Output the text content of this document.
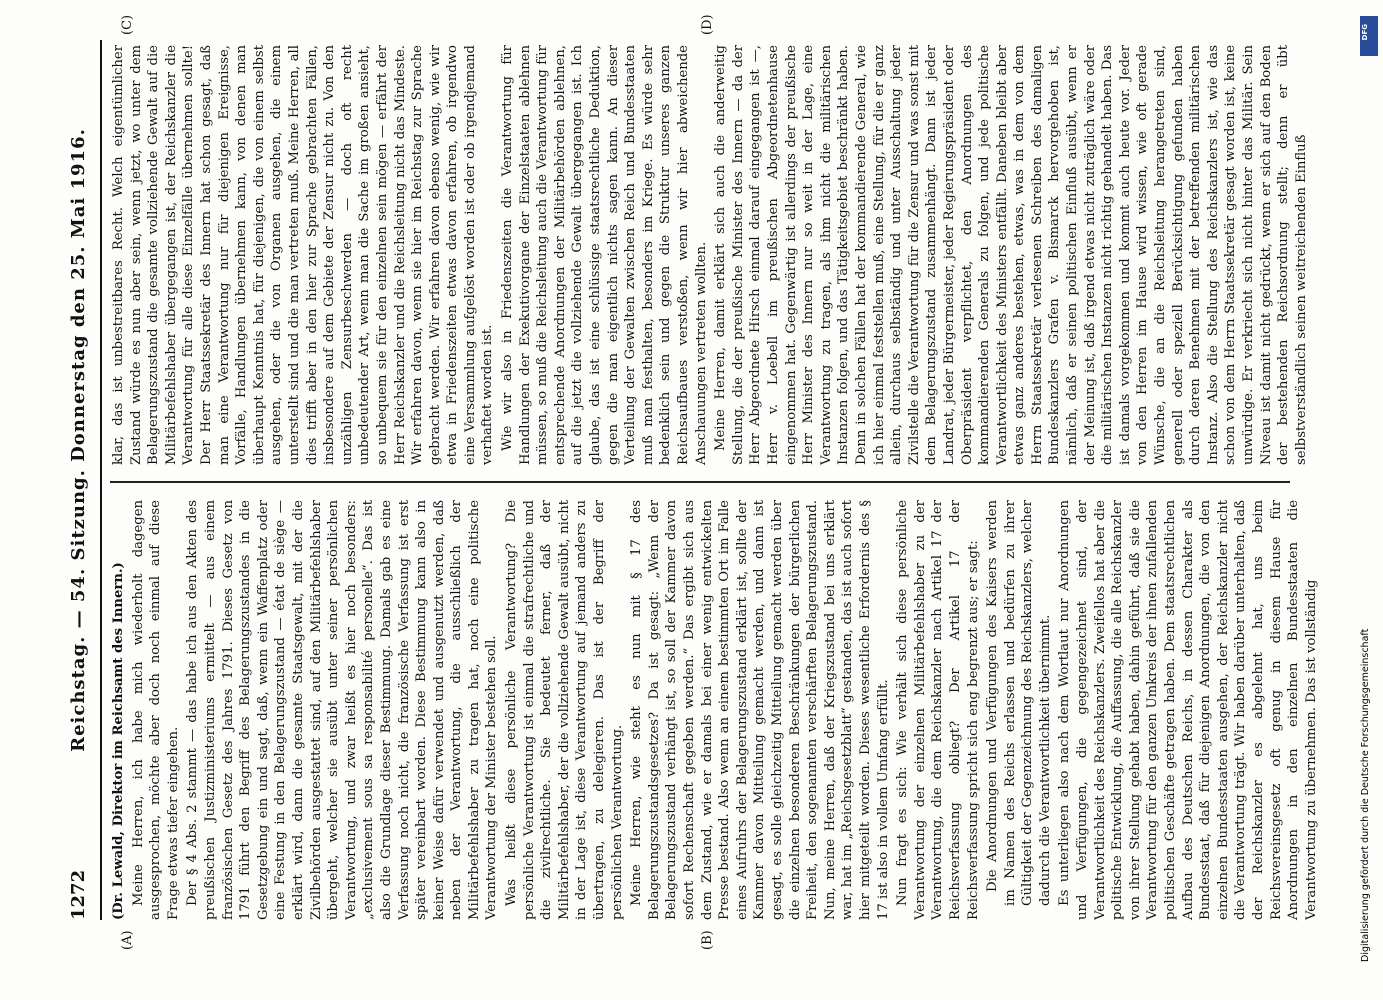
1272
Reichstag. — 54. Sitzung. Donnerstag den 25. Mai 1916.
(A)	(B)
(C)	(D)

(Dr. Lewald, Direktor im Reichsamt des Innern.) Meine Herren, ich habe mich wiederholt dagegen ausgesprochen, möchte aber doch noch einmal auf diese Frage etwas tiefer eingehen. Der § 4 Abs. 2 stammt — das habe ich aus den Akten des preußischen Justizministeriums ermittelt — aus einem französischen Gesetz des Jahres 1791. Dieses Gesetz von 1791 führt den Begriff des Belagerungszustandes in die Gesetzgebung ein und sagt, daß, wenn ein Waffenplatz oder eine Festung in den Belagerungszustand — état de siège — erklärt wird, dann die gesamte Staatsgewalt, mit der die Zivilbehörden ausgestattet sind, auf den Militärbefehlshaber übergeht, welcher sie ausübt unter seiner persönlichen Verantwortung, und zwar heißt es hier noch besonders: „exclusivement sous sa responsabilité personelle“. Das ist also die Grundlage dieser Bestimmung. Damals gab es eine Verfassung noch nicht, die französische Verfassung ist erst später vereinbart worden. Diese Bestimmung kann also in keiner Weise dafür verwendet und ausgenutzt werden, daß neben der Verantwortung, die ausschließlich der Militärbefehlshaber zu tragen hat, noch eine politische Verantwortung der Minister bestehen soll. Was heißt diese persönliche Verantwortung? Die persönliche Verantwortung ist einmal die strafrechtliche und die zivilrechtliche. Sie bedeutet ferner, daß der Militärbefehlshaber, der die vollziehende Gewalt ausübt, nicht in der Lage ist, diese Verantwortung auf jemand anders zu übertragen, zu delegieren. Das ist der Begriff der persönlichen Verantwortung. Meine Herren, wie steht es nun mit § 17 des Belagerungszustandsgesetzes? Da ist gesagt: „Wenn der Belagerungszustand verhängt ist, so soll der Kammer davon sofort Rechenschaft gegeben werden.“ Das ergibt sich aus dem Zustand, wie er damals bei einer wenig entwickelten Presse bestand. Also wenn an einem bestimmten Ort im Falle eines Aufruhrs der Belagerungszustand erklärt ist, sollte der Kammer davon Mitteilung gemacht werden, und dann ist gesagt, es solle gleichzeitig Mitteilung gemacht werden über die einzelnen besonderen Beschränkungen der bürgerlichen Freiheit, den sogenannten verschärften Belagerungszustand. Nun, meine Herren, daß der Kriegszustand bei uns erklärt war, hat im „Reichsgesetzblatt“ gestanden, das ist auch sofort hier mitgeteilt worden. Dieses wesentliche Erfordernis des § 17 ist also in vollem Umfang erfüllt. Nun fragt es sich: Wie verhält sich diese persönliche Verantwortung der einzelnen Militärbefehlshaber zu der Verantwortung, die dem Reichskanzler nach Artikel 17 der Reichsverfassung obliegt? Der Artikel 17 der Reichsverfassung spricht sich eng begrenzt aus; er sagt: Die Anordnungen und Verfügungen des Kaisers werden im Namen des Reichs erlassen und bedürfen zu ihrer Gültigkeit der Gegenzeichnung des Reichskanzlers, welcher dadurch die Verantwortlichkeit übernimmt. Es unterliegen also nach dem Wortlaut nur Anordnungen und Verfügungen, die gegengezeichnet sind, der Verantwortlichkeit des Reichskanzlers. Zweifellos hat aber die politische Entwicklung, die Auffassung, die alle Reichskanzler von ihrer Stellung gehabt haben, dahin geführt, daß sie die Verantwortung für den ganzen Umkreis der ihnen zufallenden politischen Geschäfte getragen haben. Dem staatsrechtlichen Aufbau des Deutschen Reichs, in dessen Charakter als Bundesstaat, daß für diejenigen Anordnungen, die von den einzelnen Bundesstaaten ausgehen, der Reichskanzler nicht die Verantwortung trägt. Wir haben darüber unterhalten, daß der Reichskanzler es abgelehnt hat, uns beim Reichsvereinsgesetz oft genug in diesem Hause für Anordnungen in den einzelnen Bundesstaaten die Verantwortung zu übernehmen. Das ist vollständig

klar, das ist unbestreitbares Recht. Welch eigentümlicher Zustand würde es nun aber sein, wenn jetzt, wo unter dem Belagerungszustand die gesamte vollziehende Gewalt auf die Militärbefehlshaber übergegangen ist, der Reichskanzler die Verantwortung für alle diese Einzelfälle übernehmen sollte! Der Herr Staatssekretär des Innern hat schon gesagt, daß man eine Verantwortung nur für diejenigen Ereignisse, Vorfälle, Handlungen übernehmen kann, von denen man überhaupt Kenntnis hat, für diejenigen, die von einem selbst ausgehen, oder die von Organen ausgehen, die einem unterstellt sind und die man vertreten muß. Meine Herren, all dies trifft aber in den hier zur Sprache gebrachten Fällen, insbesondere auf dem Gebiete der Zensur nicht zu. Von den unzähligen Zensurbeschwerden — doch oft recht unbedeutender Art, wenn man die Sache im großen ansieht, so unbequem sie für den einzelnen sein mögen — erfährt der Herr Reichskanzler und die Reichsleitung nicht das Mindeste. Wir erfahren davon, wenn sie hier im Reichstag zur Sprache gebracht werden. Wir erfahren davon ebenso wenig, wie wir etwa in Friedenszeiten etwas davon erfahren, ob irgendwo eine Versammlung aufgelöst worden ist oder ob irgendjemand verhaftet worden ist. Wie wir also in Friedenszeiten die Verantwortung für Handlungen der Exekutivorgane der Einzelstaaten ablehnen müssen, so muß die Reichsleitung auch die Verantwortung für entsprechende Anordnungen der Militärbehörden ablehnen, auf die jetzt die vollziehende Gewalt übergegangen ist. Ich glaube, das ist eine schlüssige staatsrechtliche Deduktion, gegen die man eigentlich nichts sagen kann. An dieser Verteilung der Gewalten zwischen Reich und Bundesstaaten muß man festhalten, besonders im Kriege. Es würde sehr bedenklich sein und gegen die Struktur unseres ganzen Reichsaufbaues verstoßen, wenn wir hier abweichende Anschauungen vertreten wollten. Meine Herren, damit erklärt sich auch die anderweitig Stellung, die der preußische Minister des Innern — da der Herr Abgeordnete Hirsch einmal darauf eingegangen ist —, Herr v. Loebell im preußischen Abgeordnetenhause eingenommen hat. Gegenwärtig ist allerdings der preußische Herr Minister des Innern nur so weit in der Lage, eine Verantwortung zu tragen, als ihm nicht die militärischen Instanzen folgen, und das Tätigkeitsgebiet beschränkt haben. Denn in solchen Fällen hat der kommandierende General, wie ich hier einmal feststellen muß, eine Stellung, für die er ganz allein, durchaus selbständig und unter Ausschaltung jeder Zivilstelle die Verantwortung für die Zensur und was sonst mit dem Belagerungszustand zusammenhängt. Dann ist jeder Landrat, jeder Bürgermeister, jeder Regierungspräsident oder Oberpräsident verpflichtet, den Anordnungen des kommandierenden Generals zu folgen, und jede politische Verantwortlichkeit des Ministers entfällt. Daneben bleibt aber etwas ganz anderes bestehen, etwas, was in dem von dem Herrn Staatssekretär verlesenen Schreiben des damaligen Bundeskanzlers Grafen v. Bismarck hervorgehoben ist, nämlich, daß er seinen politischen Einfluß ausübt, wenn er der Meinung ist, daß irgend etwas nicht zuträglich wäre oder die militärischen Instanzen nicht richtig gehandelt haben. Das ist damals vorgekommen und kommt auch heute vor. Jeder von den Herren im Hause wird wissen, wie oft gerade Wünsche, die an die Reichsleitung herangetreten sind, generell oder speziell Berücksichtigung gefunden haben durch deren Benehmen mit der betreffenden militärischen Instanz. Also die Stellung des Reichskanzlers ist, wie das schon von dem Herrn Staatssekretär gesagt worden ist, keine unwürdige. Er verkriecht sich nicht hinter das Militär. Sein Niveau ist damit nicht gedrückt, wenn er sich auf den Boden der bestehenden Reichsordnung stellt; denn er übt selbstverständlich seinen weitreichenden Einfluß

DFG
Digitalisierung gefördert durch die Deutsche Forschungsgemeinschaft
